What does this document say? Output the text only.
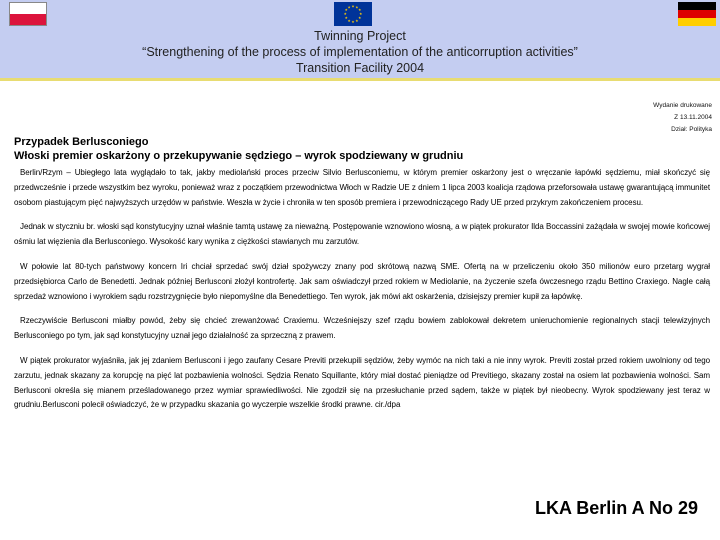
★ ★
★
★
★
★
★
★
★
★
★
★
Twinning Project
“Strengthening of the process of implementation of the anticorruption activities”
Transition Facility 2004
Wydanie drukowane
Z 13.11.2004
Dział: Polityka
Przypadek Berlusconiego
Włoski premier oskarżony o przekupywanie sędziego – wyrok spodziewany w grudniu

Berlin/Rzym – Ubiegłego lata wyglądało to tak, jakby mediolański proces przeciw Silvio Berlusconiemu, w którym premier oskarżony jest o wręczanie łapówki sędziemu, miał skończyć się przedwcześnie i przede wszystkim bez wyroku, ponieważ wraz z początkiem przewodnictwa Włoch w Radzie UE z dniem 1 lipca 2003 koalicja rządowa przeforsowała ustawę gwarantującą immunitet osobom piastującym pięć najwyższych urzędów w państwie. Weszła w życie i chroniła w ten sposób premiera i przewodniczącego Rady UE przed przykrym zakończeniem procesu.

Jednak w styczniu br. włoski sąd konstytucyjny uznał właśnie tamtą ustawę za nieważną. Postępowanie wznowiono wiosną, a w piątek prokurator Ilda Boccassini zażądała w swojej mowie końcowej ośmiu lat więzienia dla Berlusconiego. Wysokość kary wynika z ciężkości stawianych mu zarzutów.

W połowie lat 80-tych państwowy koncern Iri chciał sprzedać swój dział spożywczy znany pod skrótową nazwą SME. Ofertą na w przeliczeniu około 350 milionów euro przetarg wygrał przedsiębiorca Carlo de Benedetti. Jednak później Berlusconi złożył kontrofertę. Jak sam oświadczył przed rokiem w Mediolanie, na życzenie szefa ówczesnego rządu Bettino Craxiego. Nagle całą sprzedaż wznowiono i wyrokiem sądu rozstrzygnięcie było niepomyślne dla Benedettiego. Ten wyrok, jak mówi akt oskarżenia, dzisiejszy premier kupił za łapówkę.

Rzeczywiście Berlusconi miałby powód, żeby się chcieć zrewanżować Craxiemu. Wcześniejszy szef rządu bowiem zablokował dekretem unieruchomienie regionalnych stacji telewizyjnych Berlusconiego po tym, jak sąd konstytucyjny uznał jego działalność za sprzeczną z prawem.

W piątek prokurator wyjaśniła, jak jej zdaniem Berlusconi i jego zaufany Cesare Previti przekupili sędziów, żeby wymóc na nich taki a nie inny wyrok. Previti został przed rokiem uwolniony od tego zarzutu, jednak skazany za korupcję na pięć lat pozbawienia wolności. Sędzia Renato Squillante, który miał dostać pieniądze od Previtiego, skazany został na osiem lat pozbawienia wolności. Sam Berlusconi określa się mianem prześladowanego przez wymiar sprawiedliwości. Nie zgodził się na przesłuchanie przed sądem, także w piątek był nieobecny. Wyrok spodziewany jest teraz w grudniu.Berlusconi polecił oświadczyć, że w przypadku skazania go wyczerpie wszelkie środki prawne. cir./dpa

LKA Berlin A No 29
